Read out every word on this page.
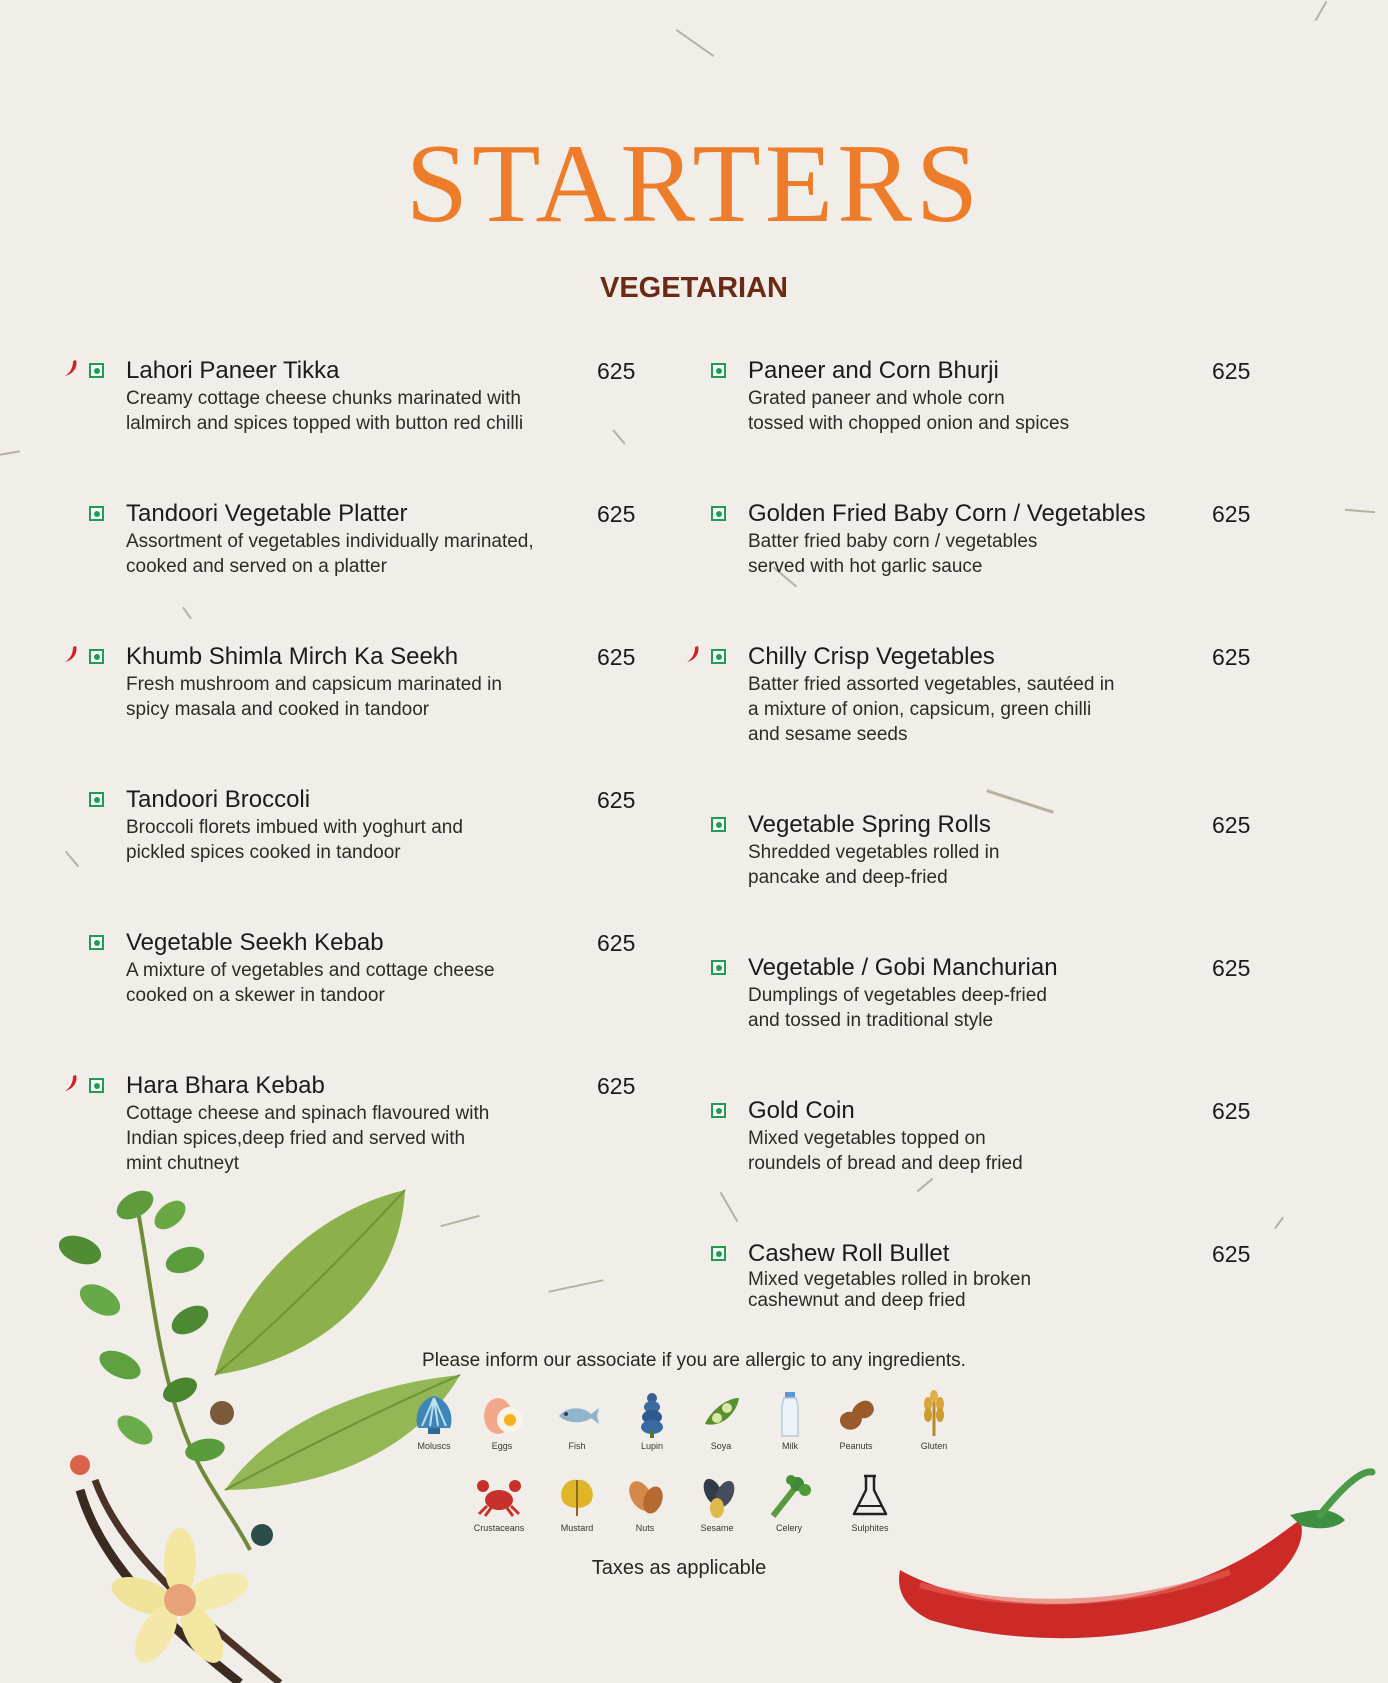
STARTERS
VEGETARIAN
Lahori Paneer Tikka	625
Creamy cottage cheese chunks marinated with
lalmirch and spices topped with button red chilli
Tandoori Vegetable Platter	625
Assortment of vegetables individually marinated,
cooked and served on a platter
Khumb Shimla Mirch Ka Seekh	625
Fresh mushroom and capsicum marinated in
spicy masala and cooked in tandoor
Tandoori Broccoli	625
Broccoli florets imbued with yoghurt and
pickled spices cooked in tandoor
Vegetable Seekh Kebab	625
A mixture of vegetables and cottage cheese
cooked on a skewer in tandoor
Hara Bhara Kebab	625
Cottage cheese and spinach flavoured with
Indian spices,deep fried and served with
mint chutneyt
Paneer and Corn Bhurji	625
Grated paneer and whole corn
tossed with chopped onion and spices
Golden Fried Baby Corn / Vegetables	625
Batter fried baby corn / vegetables
served with hot garlic sauce
Chilly Crisp Vegetables	625
Batter fried assorted vegetables, sautéed in
a mixture of onion, capsicum, green chilli
and sesame seeds
Vegetable Spring Rolls	625
Shredded vegetables rolled in
pancake and deep-fried
Vegetable / Gobi Manchurian	625
Dumplings of vegetables deep-fried
and tossed in traditional style
Gold Coin	625
Mixed vegetables topped on
roundels of bread and deep fried
Cashew Roll Bullet	625
Mixed vegetables rolled in broken
cashewnut and deep fried
Please inform our associate if you are allergic to any ingredients.
Moluscs	Eggs	Fish	Lupin	Soya	Milk	Peanuts	Gluten
Crustaceans	Mustard	Nuts	Sesame	Celery	Sulphites
Taxes as applicable
